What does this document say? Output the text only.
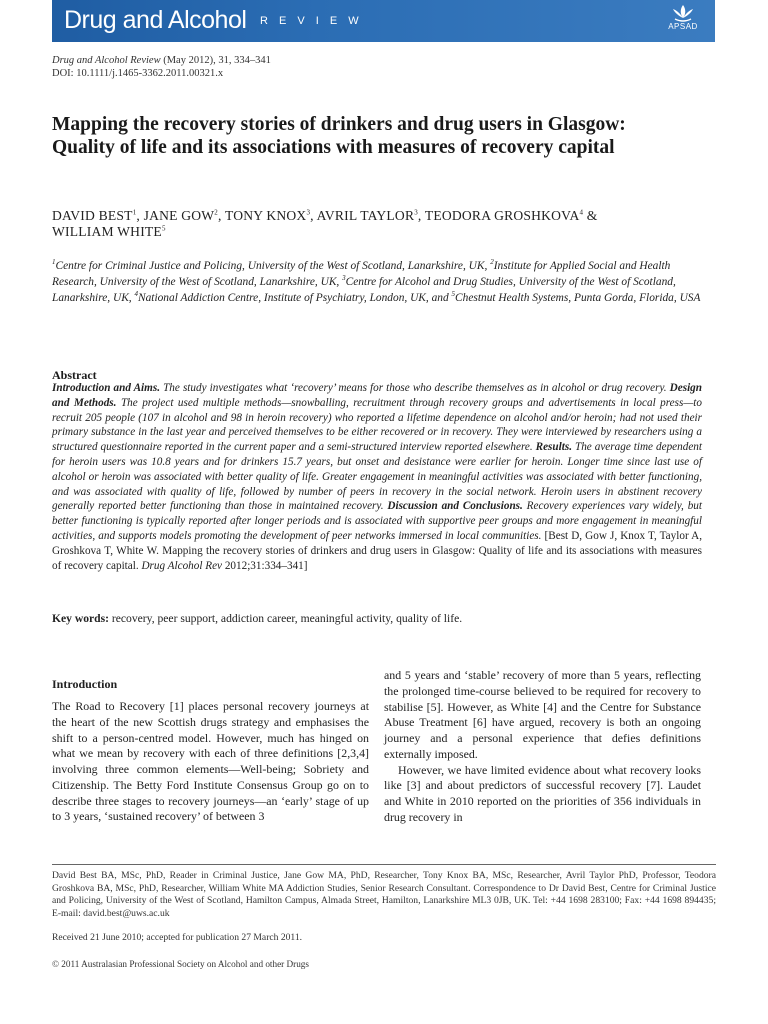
Drug and Alcohol R E V I E W	APSAD
Drug and Alcohol Review (May 2012), 31, 334–341
DOI: 10.1111/j.1465-3362.2011.00321.x
Mapping the recovery stories of drinkers and drug users in Glasgow: Quality of life and its associations with measures of recovery capital
DAVID BEST$^1$, JANE GOW$^2$, TONY KNOX$^3$, AVRIL TAYLOR$^3$, TEODORA GROSHKOVA$^4$ &
WILLIAM WHITE$^5$
$^1$Centre for Criminal Justice and Policing, University of the West of Scotland, Lanarkshire, UK, $^2$Institute for Applied Social and Health Research, University of the West of Scotland, Lanarkshire, UK, $^3$Centre for Alcohol and Drug Studies, University of the West of Scotland, Lanarkshire, UK, $^4$National Addiction Centre, Institute of Psychiatry, London, UK, and $^5$Chestnut Health Systems, Punta Gorda, Florida, USA
Abstract

Introduction and Aims. The study investigates what ‘recovery’ means for those who describe themselves as in alcohol or drug recovery. Design and Methods. The project used multiple methods—snowballing, recruitment through recovery groups and advertisements in local press—to recruit 205 people (107 in alcohol and 98 in heroin recovery) who reported a lifetime dependence on alcohol and/or heroin; had not used their primary substance in the last year and perceived themselves to be either recovered or in recovery. They were interviewed by researchers using a structured questionnaire reported in the current paper and a semi-structured interview reported elsewhere. Results. The average time dependent for heroin users was 10.8 years and for drinkers 15.7 years, but onset and desistance were earlier for heroin. Longer time since last use of alcohol or heroin was associated with better quality of life. Greater engagement in meaningful activities was associated with better functioning, and was associated with quality of life, followed by number of peers in recovery in the social network. Heroin users in abstinent recovery generally reported better functioning than those in maintained recovery. Discussion and Conclusions. Recovery experiences vary widely, but better functioning is typically reported after longer periods and is associated with supportive peer groups and more engagement in meaningful activities, and supports models promoting the development of peer networks immersed in local communities. [Best D, Gow J, Knox T, Taylor A, Groshkova T, White W. Mapping the recovery stories of drinkers and drug users in Glasgow: Quality of life and its associations with measures of recovery capital. Drug Alcohol Rev 2012;31:334–341]

Key words: recovery, peer support, addiction career, meaningful activity, quality of life.
Introduction

The Road to Recovery [1] places personal recovery journeys at the heart of the new Scottish drugs strategy and emphasises the shift to a person-centred model. However, much has hinged on what we mean by recovery with each of three definitions [2,3,4] involving three common elements—Well-being; Sobriety and Citizenship. The Betty Ford Institute Consensus Group go on to describe three stages to recovery journeys—an ‘early’ stage of up to 3 years, ‘sustained recovery’ of between 3

and 5 years and ‘stable’ recovery of more than 5 years, reflecting the prolonged time-course believed to be required for recovery to stabilise [5]. However, as White [4] and the Centre for Substance Abuse Treatment [6] have argued, recovery is both an ongoing journey and a personal experience that defies definitions externally imposed.

However, we have limited evidence about what recovery looks like [3] and about predictors of successful recovery [7]. Laudet and White in 2010 reported on the priorities of 356 individuals in drug recovery in

David Best BA, MSc, PhD, Reader in Criminal Justice, Jane Gow MA, PhD, Researcher, Tony Knox BA, MSc, Researcher, Avril Taylor PhD, Professor, Teodora Groshkova BA, MSc, PhD, Researcher, William White MA Addiction Studies, Senior Research Consultant. Correspondence to Dr David Best, Centre for Criminal Justice and Policing, University of the West of Scotland, Hamilton Campus, Almada Street, Hamilton, Lanarkshire ML3 0JB, UK. Tel: +44 1698 283100; Fax: +44 1698 894435; E-mail: david.best@uws.ac.uk

Received 21 June 2010; accepted for publication 27 March 2011.
© 2011 Australasian Professional Society on Alcohol and other Drugs
